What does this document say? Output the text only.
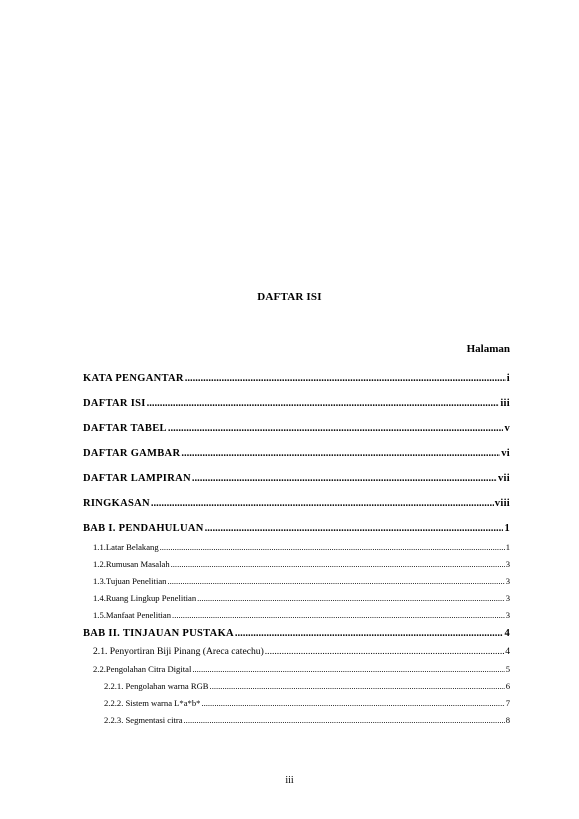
DAFTAR ISI
Halaman
KATA PENGANTAR .....	i
DAFTAR ISI .....	iii
DAFTAR TABEL .....	v
DAFTAR GAMBAR .....	vi
DAFTAR LAMPIRAN .....	vii
RINGKASAN .....	viii
BAB I. PENDAHULUAN .....	1
1.1.Latar Belakang .....	1
1.2.Rumusan Masalah .....	3
1.3.Tujuan Penelitian .....	3
1.4.Ruang Lingkup Penelitian .....	3
1.5.Manfaat Penelitian .....	3
BAB II. TINJAUAN PUSTAKA .....	4
2.1. Penyortiran Biji Pinang (Areca catechu) .....	4
2.2.Pengolahan Citra Digital .....	5
2.2.1. Pengolahan warna RGB .....	6
2.2.2. Sistem warna L*a*b* .....	7
2.2.3. Segmentasi citra .....	8
iii
